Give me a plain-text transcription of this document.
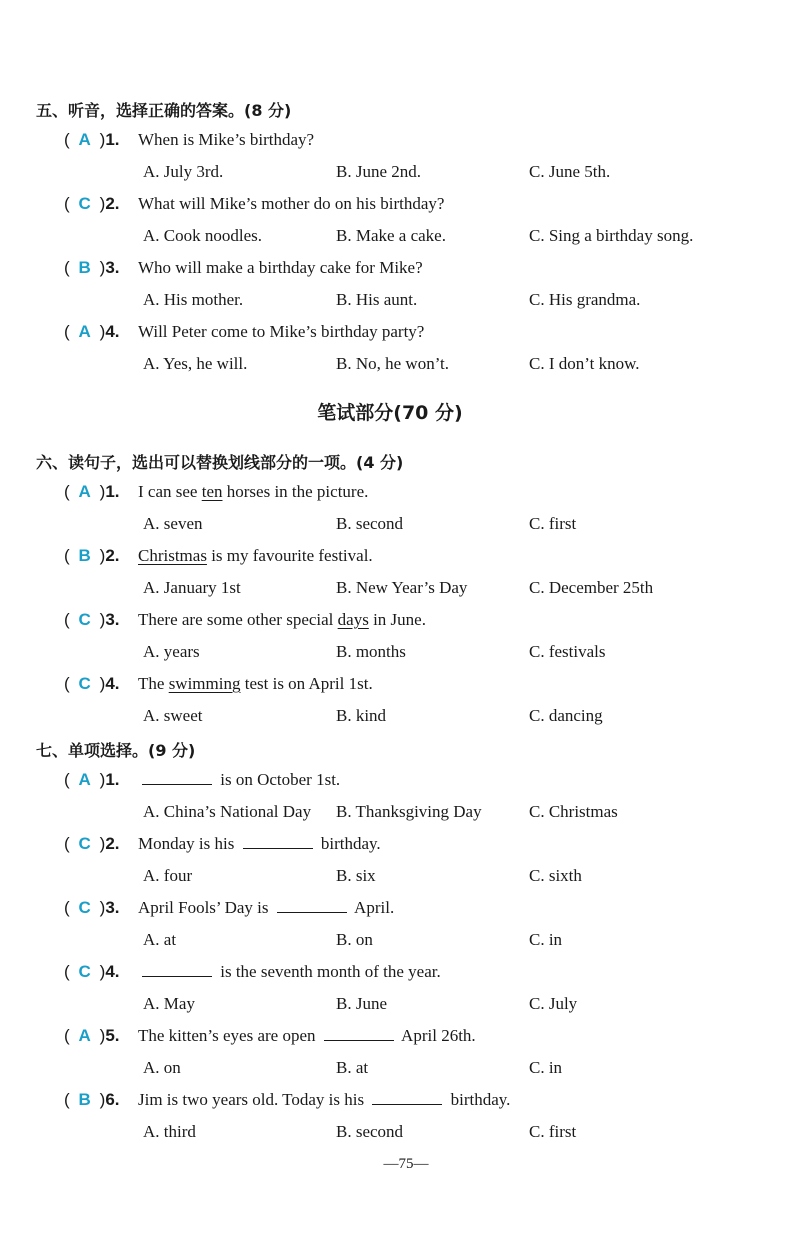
五、听音，选择正确的答案。(8 分)
( A )1. When is Mike’s birthday?
A. July 3rd.	B. June 2nd.	C. June 5th.
( C )2. What will Mike’s mother do on his birthday?
A. Cook noodles.	B. Make a cake.	C. Sing a birthday song.
( B )3. Who will make a birthday cake for Mike?
A. His mother.	B. His aunt.	C. His grandma.
( A )4. Will Peter come to Mike’s birthday party?
A. Yes, he will.	B. No, he won’t.	C. I don’t know.
笔试部分(70 分)
六、读句子，选出可以替换划线部分的一项。(4 分)
( A )1. I can see ten horses in the picture.
A. seven	B. second	C. first
( B )2. Christmas is my favourite festival.
A. January 1st	B. New Year’s Day	C. December 25th
( C )3. There are some other special days in June.
A. years	B. months	C. festivals
( C )4. The swimming test is on April 1st.
A. sweet	B. kind	C. dancing
七、单项选择。(9 分)
( A )1.	is on October 1st.
A. China’s National Day B. Thanksgiving Day	C. Christmas
( C )2. Monday is his	birthday.
A. four	B. six	C. sixth
( C )3. April Fools’ Day is	April.
A. at	B. on	C. in
( C )4.	is the seventh month of the year.
A. May	B. June	C. July
( A )5. The kitten’s eyes are open	April 26th.
A. on	B. at	C. in
( B )6. Jim is two years old. Today is his	birthday.
A. third	B. second	C. first
—75—
